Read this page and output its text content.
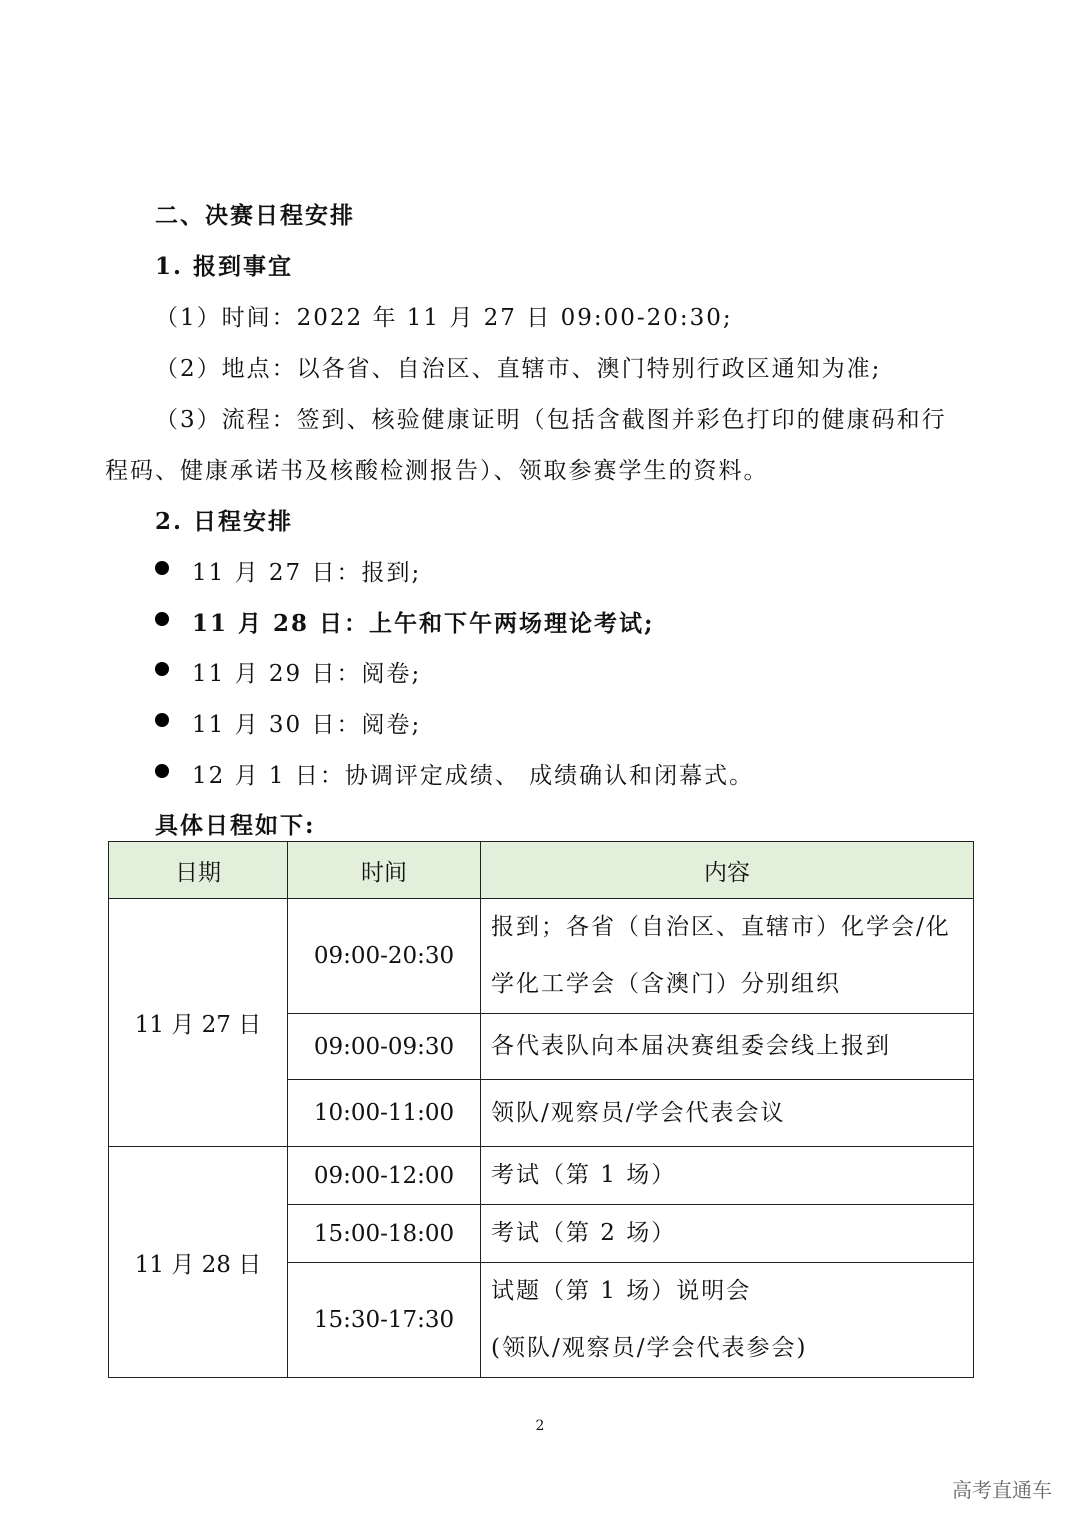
二、决赛日程安排
1. 报到事宜
（1）时间：2022 年 11 月 27 日 09:00-20:30;
（2）地点：以各省、自治区、直辖市、澳门特别行政区通知为准;
（3）流程：签到、核验健康证明（包括含截图并彩色打印的健康码和行
程码、健康承诺书及核酸检测报告）、领取参赛学生的资料。
2. 日程安排
11 月 27 日：报到;
11 月 28 日：上午和下午两场理论考试;
11 月 29 日：阅卷;
11 月 30 日：阅卷;
12 月 1 日：协调评定成绩、 成绩确认和闭幕式。
具体日程如下:
日期	时间	内容
11 月 27 日	09:00-20:30	报到；各省（自治区、直辖市）化学会/化
学化工学会（含澳门）分别组织

	09:00-09:30	各代表队向本届决赛组委会线上报到
	10:00-11:00	领队/观察员/学会代表会议
11 月 28 日	09:00-12:00	考试（第 1 场）
	15:00-18:00	考试（第 2 场）
	15:30-17:30	试题（第 1 场）说明会
(领队/观察员/学会代表参会)
2
高考直通车
